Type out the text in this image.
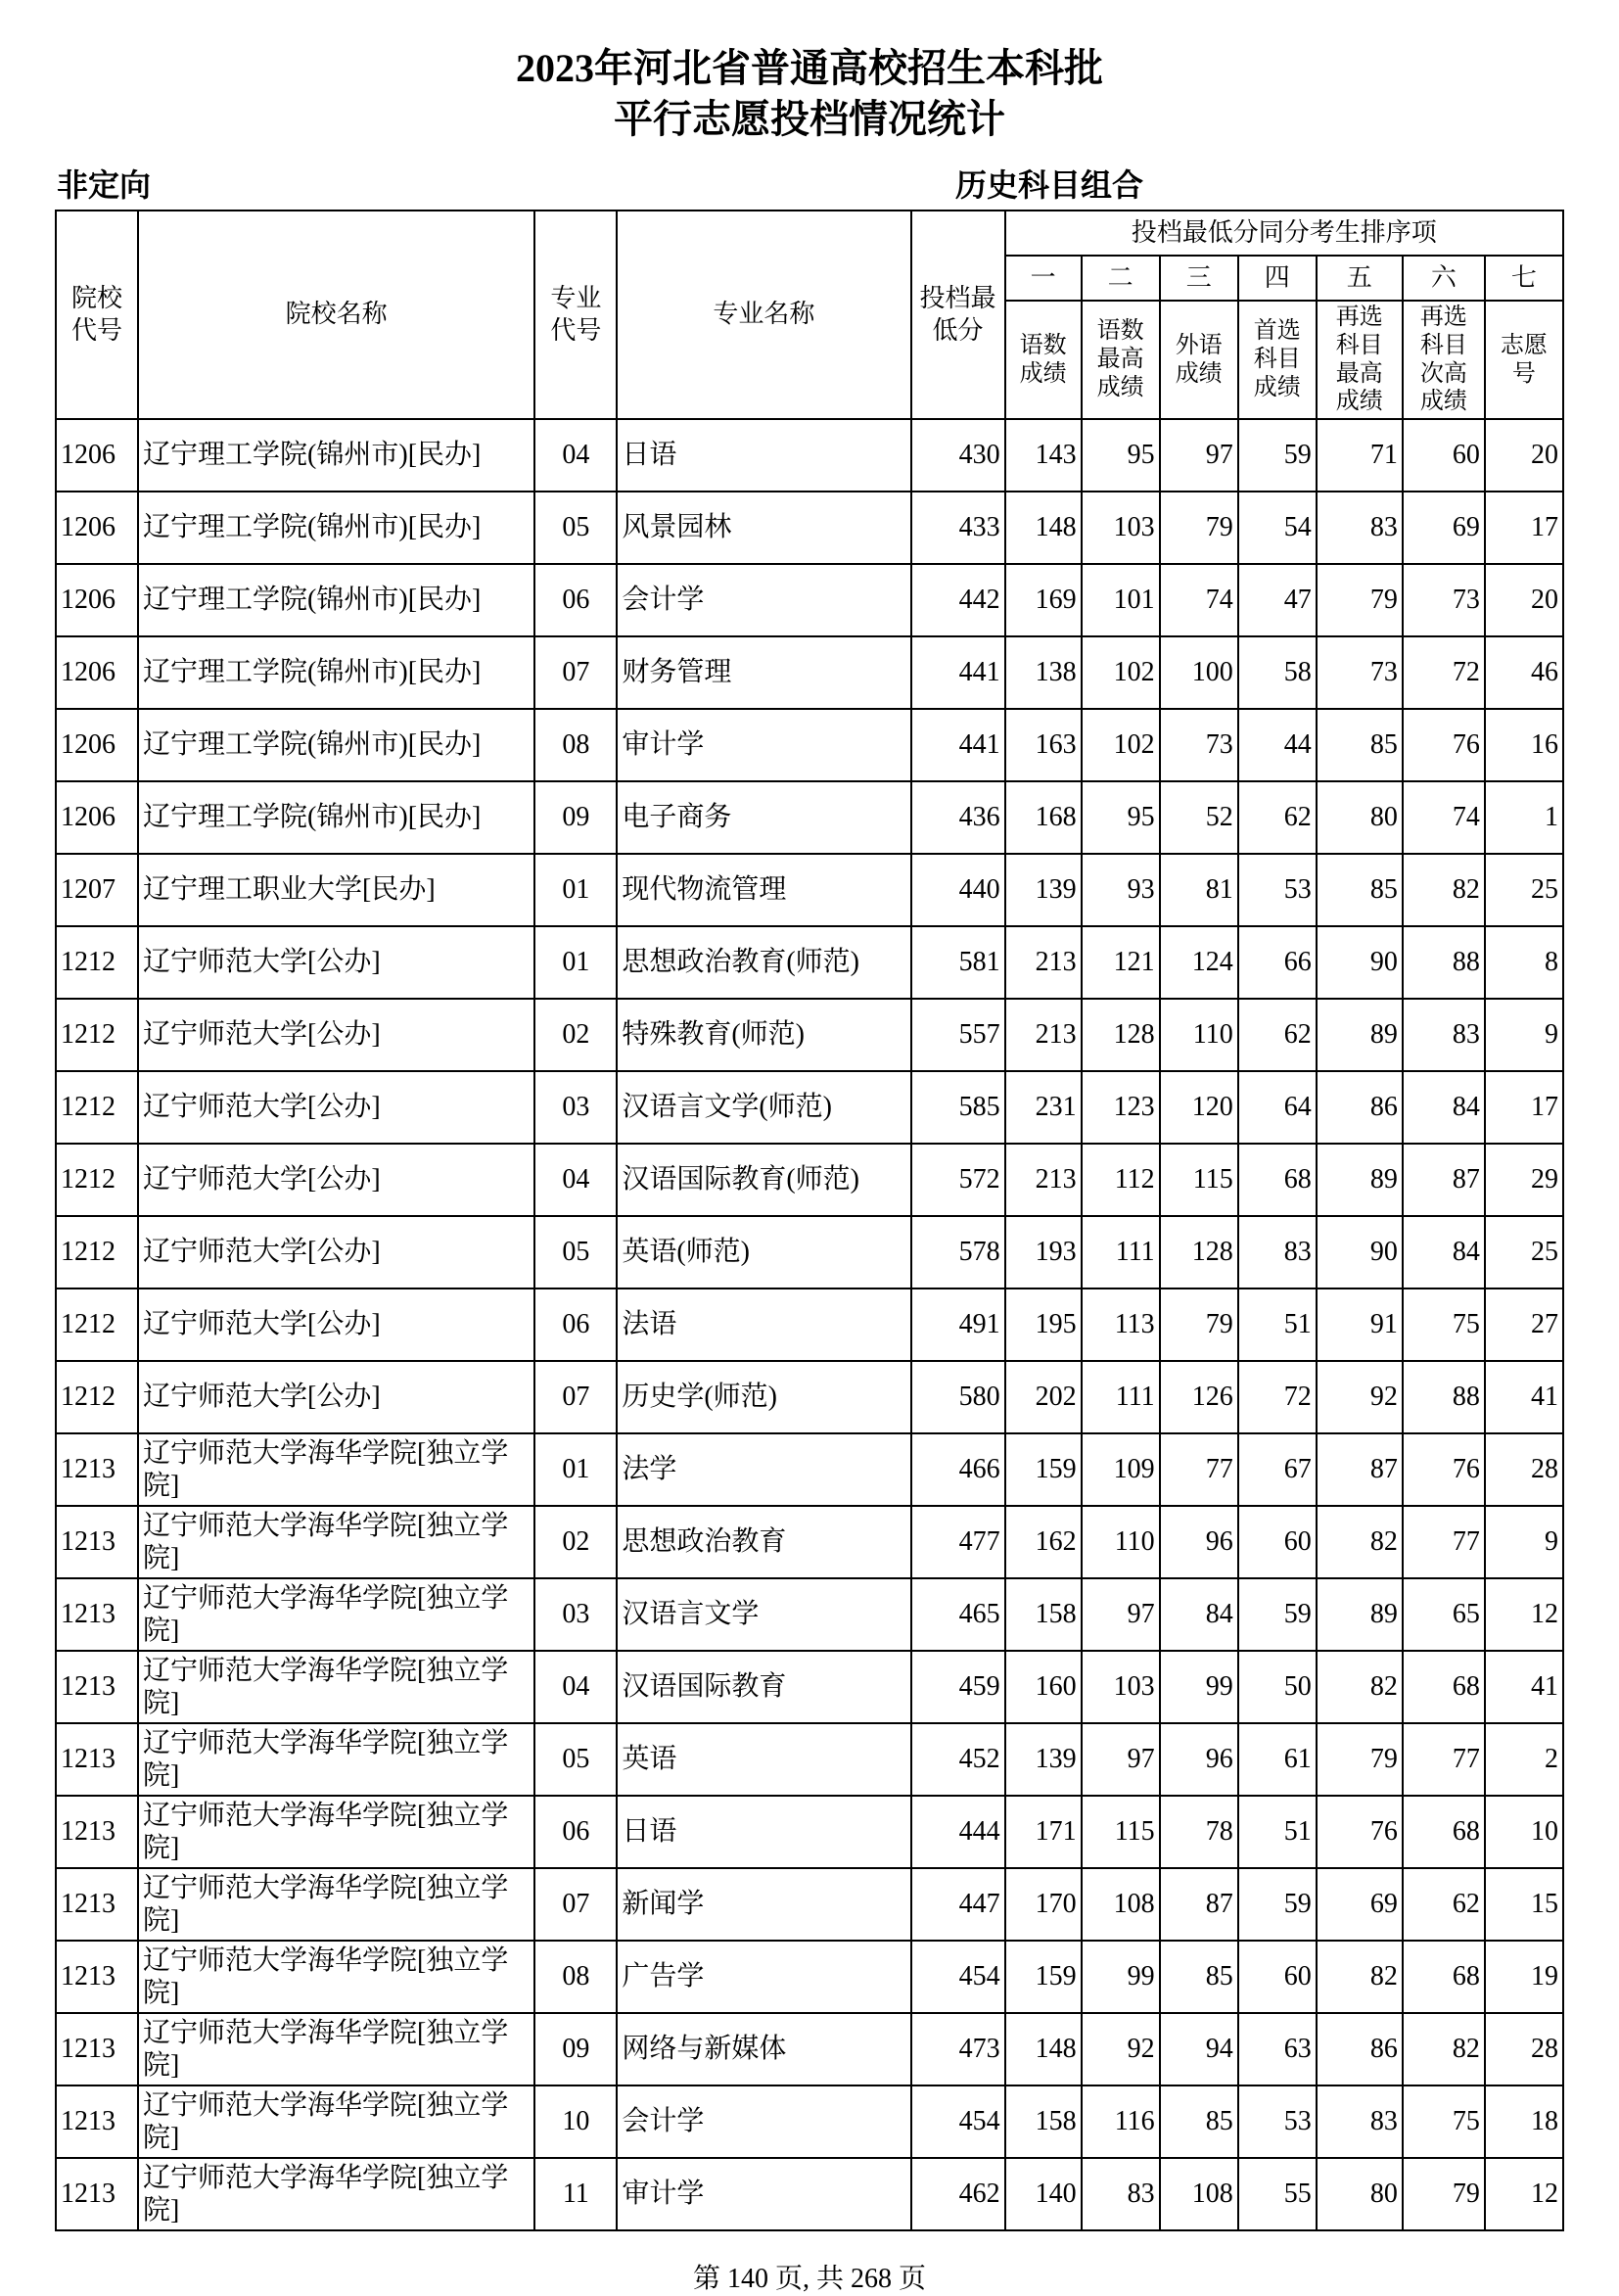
2023年河北省普通高校招生本科批
平行志愿投档情况统计
非定向	历史科目组合
院校代号	院校名称	专业代号	专业名称	投档最低分	投档最低分同分考生排序项						
					一	二	三	四	五	六	七
					语数成绩	语数最高成绩	外语成绩	首选科目成绩	再选科目最高成绩	再选科目次高成绩	志愿号
1206	辽宁理工学院(锦州市)[民办]	04	日语	430	143	95	97	59	71	60	20
1206	辽宁理工学院(锦州市)[民办]	05	风景园林	433	148	103	79	54	83	69	17
1206	辽宁理工学院(锦州市)[民办]	06	会计学	442	169	101	74	47	79	73	20
1206	辽宁理工学院(锦州市)[民办]	07	财务管理	441	138	102	100	58	73	72	46
1206	辽宁理工学院(锦州市)[民办]	08	审计学	441	163	102	73	44	85	76	16
1206	辽宁理工学院(锦州市)[民办]	09	电子商务	436	168	95	52	62	80	74	1
1207	辽宁理工职业大学[民办]	01	现代物流管理	440	139	93	81	53	85	82	25
1212	辽宁师范大学[公办]	01	思想政治教育(师范)	581	213	121	124	66	90	88	8
1212	辽宁师范大学[公办]	02	特殊教育(师范)	557	213	128	110	62	89	83	9
1212	辽宁师范大学[公办]	03	汉语言文学(师范)	585	231	123	120	64	86	84	17
1212	辽宁师范大学[公办]	04	汉语国际教育(师范)	572	213	112	115	68	89	87	29
1212	辽宁师范大学[公办]	05	英语(师范)	578	193	111	128	83	90	84	25
1212	辽宁师范大学[公办]	06	法语	491	195	113	79	51	91	75	27
1212	辽宁师范大学[公办]	07	历史学(师范)	580	202	111	126	72	92	88	41
1213	辽宁师范大学海华学院[独立学院]	01	法学	466	159	109	77	67	87	76	28
1213	辽宁师范大学海华学院[独立学院]	02	思想政治教育	477	162	110	96	60	82	77	9
1213	辽宁师范大学海华学院[独立学院]	03	汉语言文学	465	158	97	84	59	89	65	12
1213	辽宁师范大学海华学院[独立学院]	04	汉语国际教育	459	160	103	99	50	82	68	41
1213	辽宁师范大学海华学院[独立学院]	05	英语	452	139	97	96	61	79	77	2
1213	辽宁师范大学海华学院[独立学院]	06	日语	444	171	115	78	51	76	68	10
1213	辽宁师范大学海华学院[独立学院]	07	新闻学	447	170	108	87	59	69	62	15
1213	辽宁师范大学海华学院[独立学院]	08	广告学	454	159	99	85	60	82	68	19
1213	辽宁师范大学海华学院[独立学院]	09	网络与新媒体	473	148	92	94	63	86	82	28
1213	辽宁师范大学海华学院[独立学院]	10	会计学	454	158	116	85	53	83	75	18
1213	辽宁师范大学海华学院[独立学院]	11	审计学	462	140	83	108	55	80	79	12
第 140 页, 共 268 页
